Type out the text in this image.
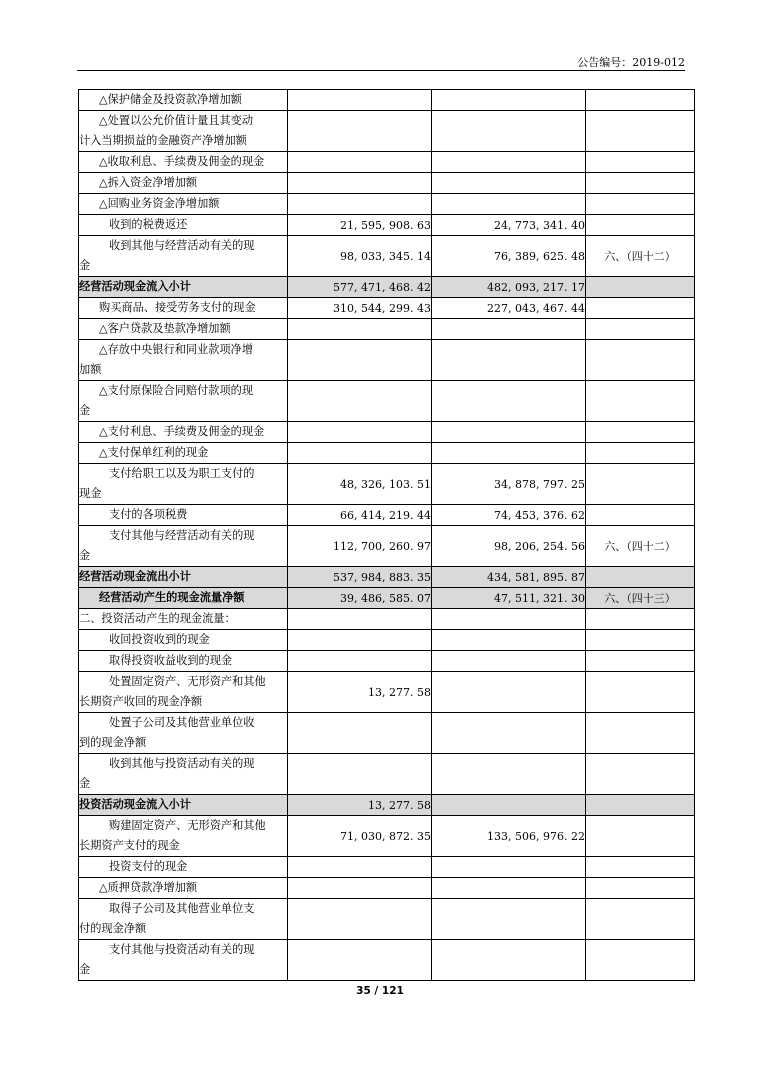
公告编号：2019-012
△保护储金及投资款净增加额			

△处置以公允价值计量且其变动
计入当期损益的金融资产净增加额			

△收取利息、手续费及佣金的现金			

△拆入资金净增加额			

△回购业务资金净增加额			

收到的税费返还	21, 595, 908. 63	24, 773, 341. 40	

收到其他与经营活动有关的现
金	98, 033, 345. 14	76, 389, 625. 48	六、（四十二）

经营活动现金流入小计	577, 471, 468. 42	482, 093, 217. 17	

购买商品、接受劳务支付的现金	310, 544, 299. 43	227, 043, 467. 44	

△客户贷款及垫款净增加额			

△存放中央银行和同业款项净增
加额			

△支付原保险合同赔付款项的现
金			

△支付利息、手续费及佣金的现金			

△支付保单红利的现金			

支付给职工以及为职工支付的
现金	48, 326, 103. 51	34, 878, 797. 25	

支付的各项税费	66, 414, 219. 44	74, 453, 376. 62	

支付其他与经营活动有关的现
金	112, 700, 260. 97	98, 206, 254. 56	六、（四十二）

经营活动现金流出小计	537, 984, 883. 35	434, 581, 895. 87	

经营活动产生的现金流量净额	39, 486, 585. 07	47, 511, 321. 30	六、（四十三）

二、投资活动产生的现金流量：			

收回投资收到的现金			

取得投资收益收到的现金			

处置固定资产、无形资产和其他
长期资产收回的现金净额	13, 277. 58		

处置子公司及其他营业单位收
到的现金净额			

收到其他与投资活动有关的现
金			

投资活动现金流入小计	13, 277. 58		

购建固定资产、无形资产和其他
长期资产支付的现金	71, 030, 872. 35	133, 506, 976. 22	

投资支付的现金			

△质押贷款净增加额			

取得子公司及其他营业单位支
付的现金净额			

支付其他与投资活动有关的现
金			

35 / 121
